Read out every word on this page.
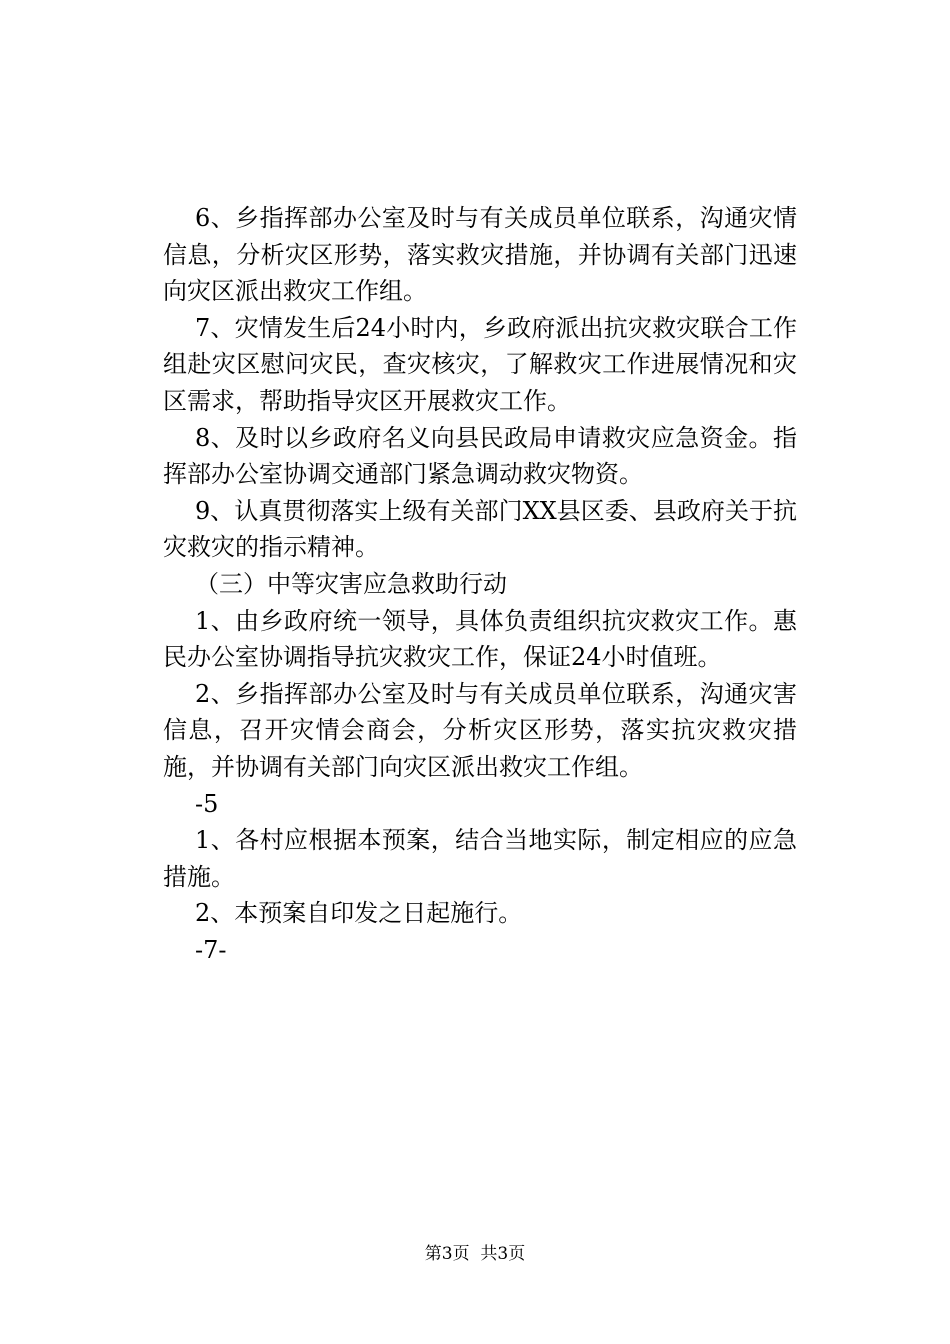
6、乡指挥部办公室及时与有关成员单位联系，沟通灾情信息，分析灾区形势，落实救灾措施，并协调有关部门迅速向灾区派出救灾工作组。

7、灾情发生后24小时内，乡政府派出抗灾救灾联合工作组赴灾区慰问灾民，查灾核灾，了解救灾工作进展情况和灾区需求，帮助指导灾区开展救灾工作。

8、及时以乡政府名义向县民政局申请救灾应急资金。指挥部办公室协调交通部门紧急调动救灾物资。

9、认真贯彻落实上级有关部门XX县区委、县政府关于抗灾救灾的指示精神。

（三）中等灾害应急救助行动

1、由乡政府统一领导，具体负责组织抗灾救灾工作。惠民办公室协调指导抗灾救灾工作，保证24小时值班。

2、乡指挥部办公室及时与有关成员单位联系，沟通灾害信息，召开灾情会商会，分析灾区形势，落实抗灾救灾措施，并协调有关部门向灾区派出救灾工作组。

-5

1、各村应根据本预案，结合当地实际，制定相应的应急措施。

2、本预案自印发之日起施行。

-7-

第3页  共3页
